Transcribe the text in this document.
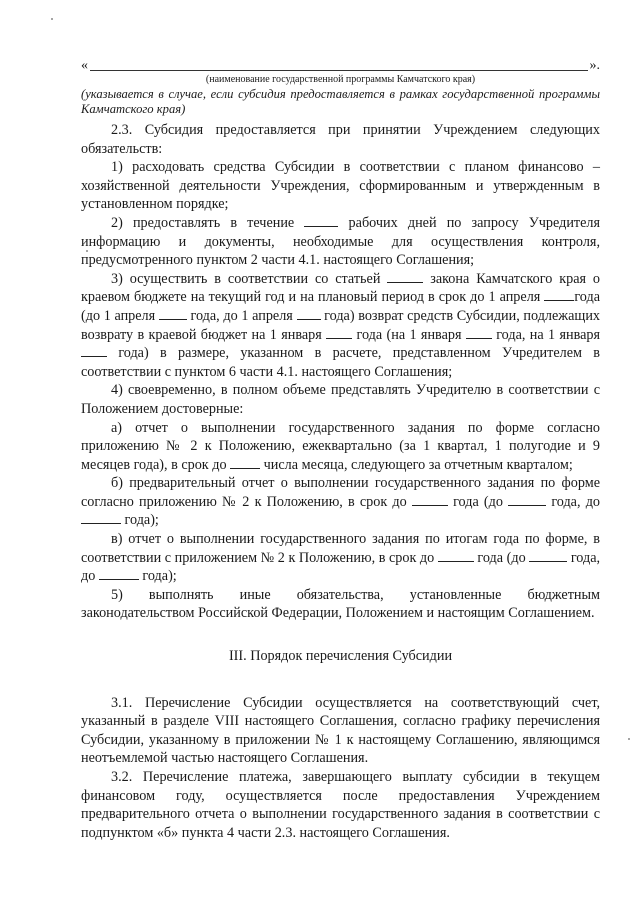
«	».

(наименование государственной программы Камчатского края)

(указывается в случае, если субсидия предоставляется в рамках государственной программы Камчатского края)

2.3. Субсидия предоставляется при принятии Учреждением следующих обязательств:

1) расходовать средства Субсидии в соответствии с планом финансово – хозяйственной деятельности Учреждения, сформированным и утвержденным в установленном порядке;

2) предоставлять в течение	рабочих дней по запросу Учредителя информацию и документы, необходимые для осуществления контроля, предусмотренного пунктом 2 части 4.1. настоящего Соглашения;

3) осуществить в соответствии со статьей	закона Камчатского края о краевом бюджете на текущий год и на плановый период в срок до 1 апреля года (до 1 апреля года, до 1 апреля года) возврат средств Субсидии, подлежащих возврату в краевой бюджет на 1 января года (на 1 января года, на 1 января  года) в размере, указанном в расчете, представленном Учредителем в соответствии с пунктом 6 части 4.1. настоящего Соглашения;

4) своевременно, в полном объеме представлять Учредителю в соответствии с Положением достоверные:

а) отчет о выполнении государственного задания по форме согласно приложению № 2 к Положению, ежеквартально (за 1 квартал, 1 полугодие и 9 месяцев года), в срок до	числа месяца, следующего за отчетным кварталом;

б) предварительный отчет о выполнении государственного задания по форме согласно приложению № 2 к Положению, в срок до	года (до	года, до  года);

в) отчет о выполнении государственного задания по итогам года по форме, в соответствии с приложением № 2 к Положению, в срок до	года (до	года, до	года);

5) выполнять иные обязательства, установленные бюджетным законодательством Российской Федерации, Положением и настоящим Соглашением.

III. Порядок перечисления Субсидии

3.1. Перечисление Субсидии осуществляется на соответствующий счет, указанный в разделе VIII настоящего Соглашения, согласно графику перечисления Субсидии, указанному в приложении № 1 к настоящему Соглашению, являющимся неотъемлемой частью настоящего Соглашения.

3.2. Перечисление платежа, завершающего выплату субсидии в текущем финансовом году, осуществляется после предоставления Учреждением предварительного отчета о выполнении государственного задания в соответствии с подпунктом «б» пункта 4 части 2.3. настоящего Соглашения.
